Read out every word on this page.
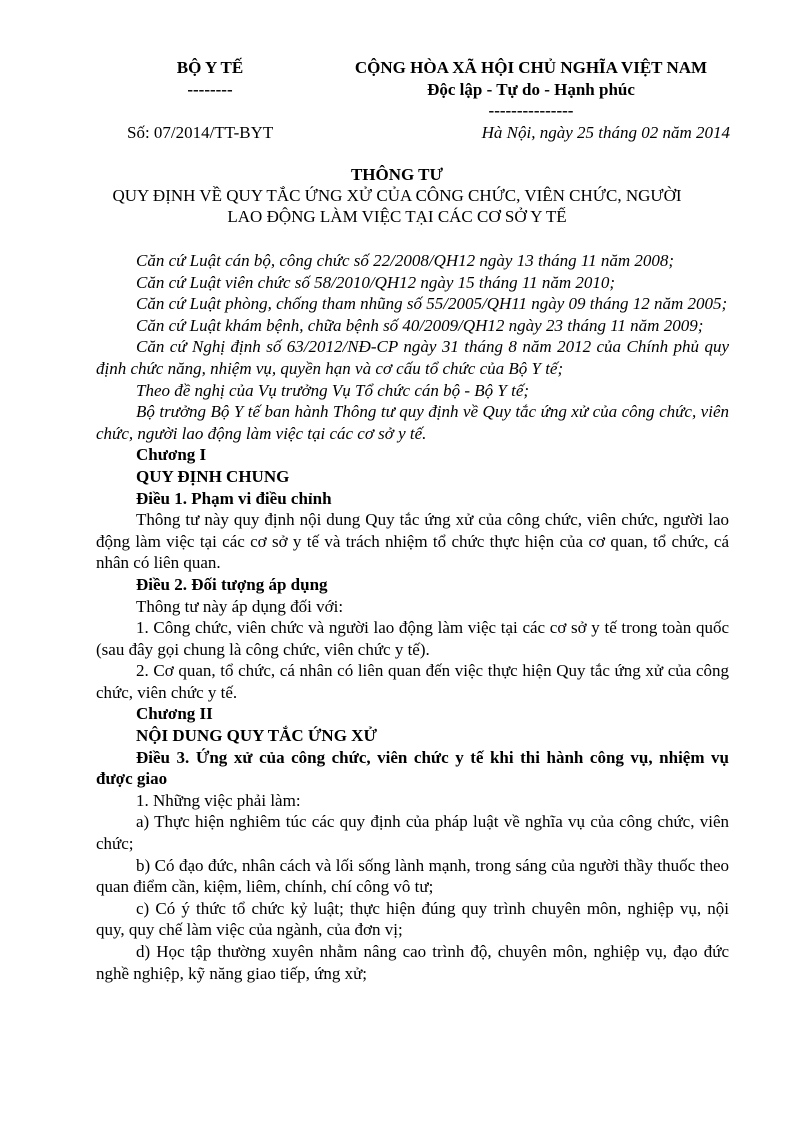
BỘ Y TẾ
--------
CỘNG HÒA XÃ HỘI CHỦ NGHĨA VIỆT NAM
Độc lập - Tự do - Hạnh phúc
---------------
Số: 07/2014/TT-BYT	Hà Nội, ngày 25 tháng 02 năm 2014
THÔNG TƯ
QUY ĐỊNH VỀ QUY TẮC ỨNG XỬ CỦA CÔNG CHỨC, VIÊN CHỨC, NGƯỜI
LAO ĐỘNG LÀM VIỆC TẠI CÁC CƠ SỞ Y TẾ

Căn cứ Luật cán bộ, công chức số 22/2008/QH12 ngày 13 tháng 11 năm 2008;

Căn cứ Luật viên chức số 58/2010/QH12 ngày 15 tháng 11 năm 2010;

Căn cứ Luật phòng, chống tham nhũng số 55/2005/QH11 ngày 09 tháng 12 năm 2005;

Căn cứ Luật khám bệnh, chữa bệnh số 40/2009/QH12 ngày 23 tháng 11 năm 2009;

Căn cứ Nghị định số 63/2012/NĐ-CP ngày 31 tháng 8 năm 2012 của Chính phủ quy định chức năng, nhiệm vụ, quyền hạn và cơ cấu tổ chức của Bộ Y tế;

Theo đề nghị của Vụ trưởng Vụ Tổ chức cán bộ - Bộ Y tế;

Bộ trưởng Bộ Y tế ban hành Thông tư quy định về Quy tắc ứng xử của công chức, viên chức, người lao động làm việc tại các cơ sở y tế.

Chương I

QUY ĐỊNH CHUNG

Điều 1. Phạm vi điều chỉnh

Thông tư này quy định nội dung Quy tắc ứng xử của công chức, viên chức, người lao động làm việc tại các cơ sở y tế và trách nhiệm tổ chức thực hiện của cơ quan, tổ chức, cá nhân có liên quan.

Điều 2. Đối tượng áp dụng

Thông tư này áp dụng đối với:

1. Công chức, viên chức và người lao động làm việc tại các cơ sở y tế trong toàn quốc (sau đây gọi chung là công chức, viên chức y tế).

2. Cơ quan, tổ chức, cá nhân có liên quan đến việc thực hiện Quy tắc ứng xử của công chức, viên chức y tế.

Chương II

NỘI DUNG QUY TẮC ỨNG XỬ

Điều 3. Ứng xử của công chức, viên chức y tế khi thi hành công vụ, nhiệm vụ được giao

1. Những việc phải làm:

a) Thực hiện nghiêm túc các quy định của pháp luật về nghĩa vụ của công chức, viên chức;

b) Có đạo đức, nhân cách và lối sống lành mạnh, trong sáng của người thầy thuốc theo quan điểm cần, kiệm, liêm, chính, chí công vô tư;

c) Có ý thức tổ chức kỷ luật; thực hiện đúng quy trình chuyên môn, nghiệp vụ, nội quy, quy chế làm việc của ngành, của đơn vị;

d) Học tập thường xuyên nhằm nâng cao trình độ, chuyên môn, nghiệp vụ, đạo đức nghề nghiệp, kỹ năng giao tiếp, ứng xử;
